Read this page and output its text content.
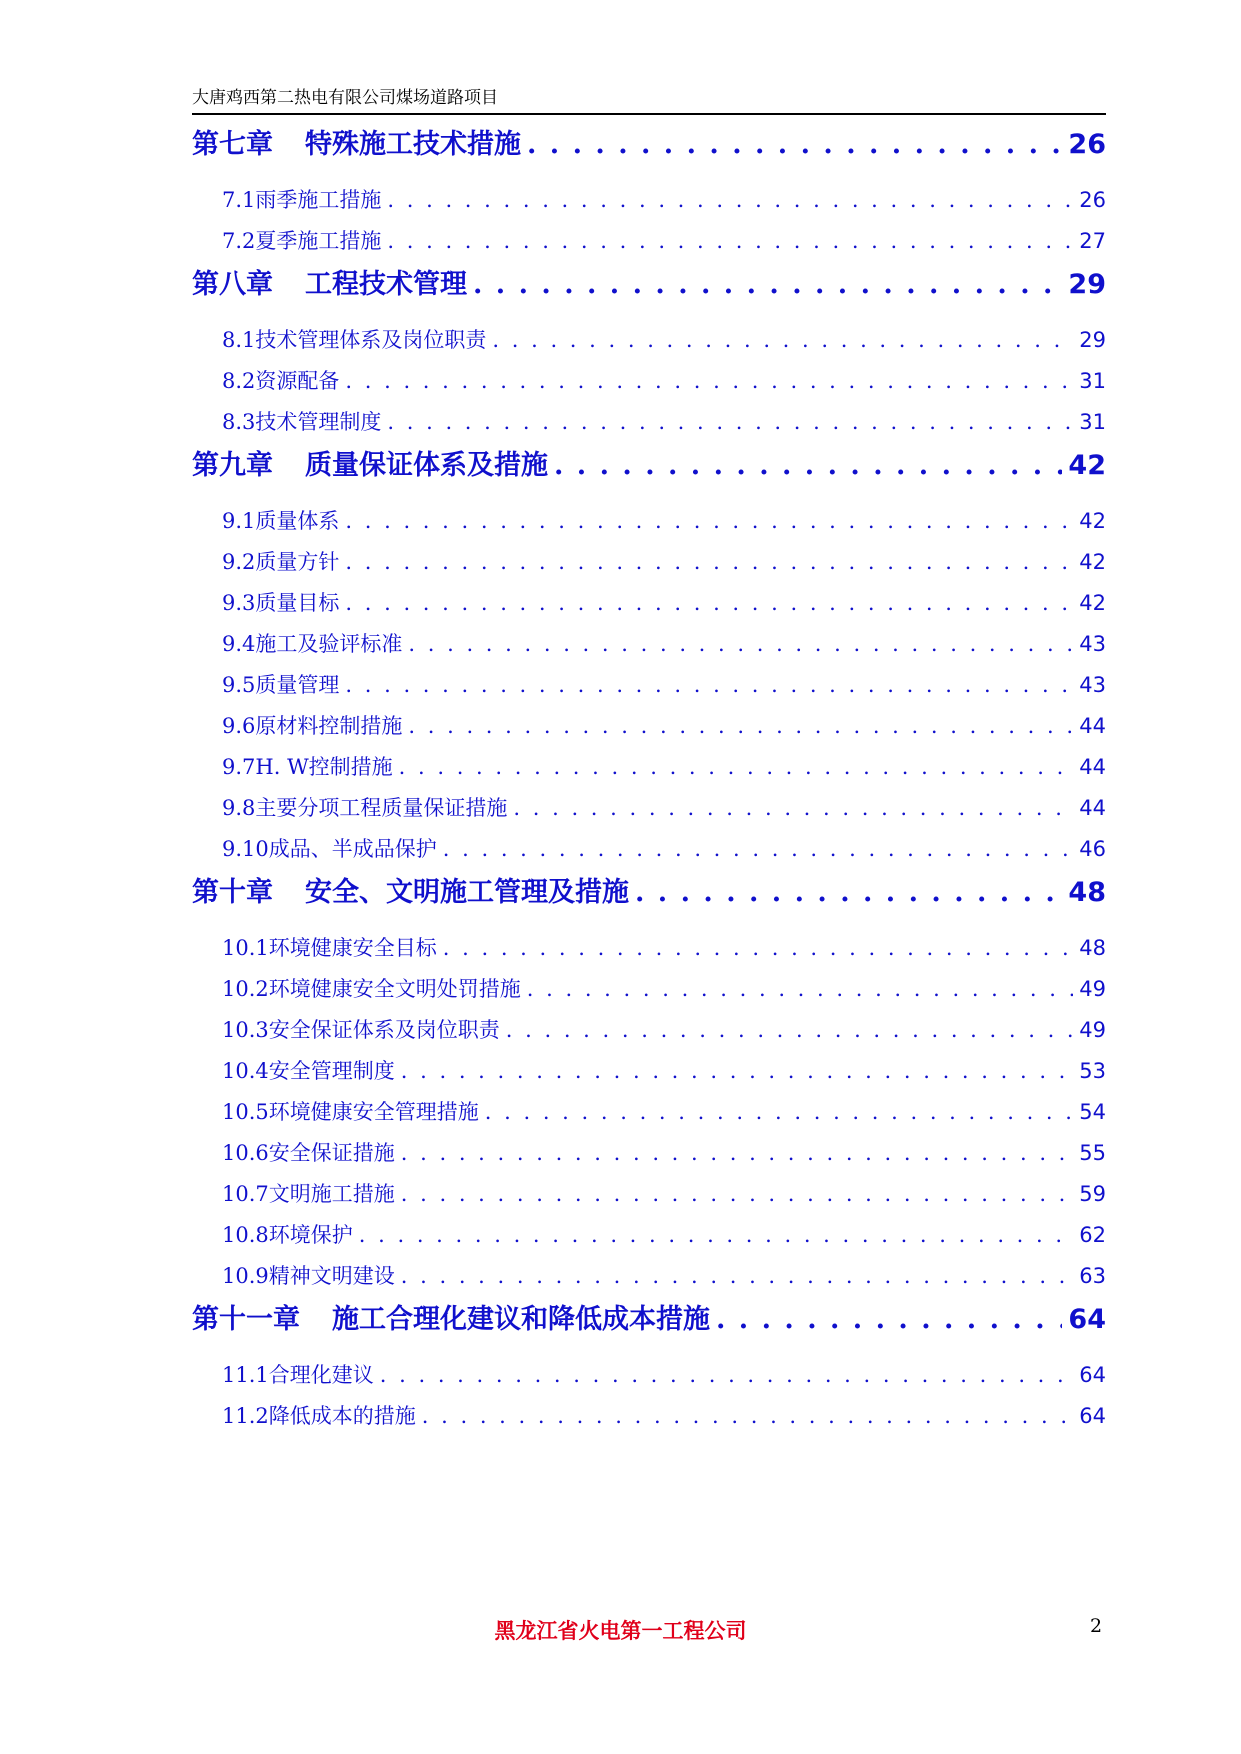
大唐鸡西第二热电有限公司煤场道路项目
第七章 特殊施工技术措施 . . .	26
7.1 雨季施工措施 . . .	26
7.2 夏季施工措施 . . .	27
第八章 工程技术管理 . . .	29
8.1 技术管理体系及岗位职责 . . .	29
8.2 资源配备 . . .	31
8.3 技术管理制度 . . .	31
第九章 质量保证体系及措施 . . .	42
9.1 质量体系 . . .	42
9.2 质量方针 . . .	42
9.3 质量目标 . . .	42
9.4 施工及验评标准 . . .	43
9.5 质量管理 . . .	43
9.6 原材料控制措施 . . .	44
9.7 H. W控制措施 . . .	44
9.8 主要分项工程质量保证措施 . . .	44
9.10 成品、半成品保护 . . .	46
第十章 安全、文明施工管理及措施 . . .	48
10.1 环境健康安全目标 . . .	48
10.2 环境健康安全文明处罚措施 . . .	49
10.3 安全保证体系及岗位职责 . . .	49
10.4 安全管理制度 . . .	53
10.5 环境健康安全管理措施 . . .	54
10.6 安全保证措施 . . .	55
10.7 文明施工措施 . . .	59
10.8 环境保护 . . .	62
10.9 精神文明建设 . . .	63
第十一章 施工合理化建议和降低成本措施 . . .	64
11.1 合理化建议 . . .	64
11.2 降低成本的措施 . . .	64
黑龙江省火电第一工程公司	2
